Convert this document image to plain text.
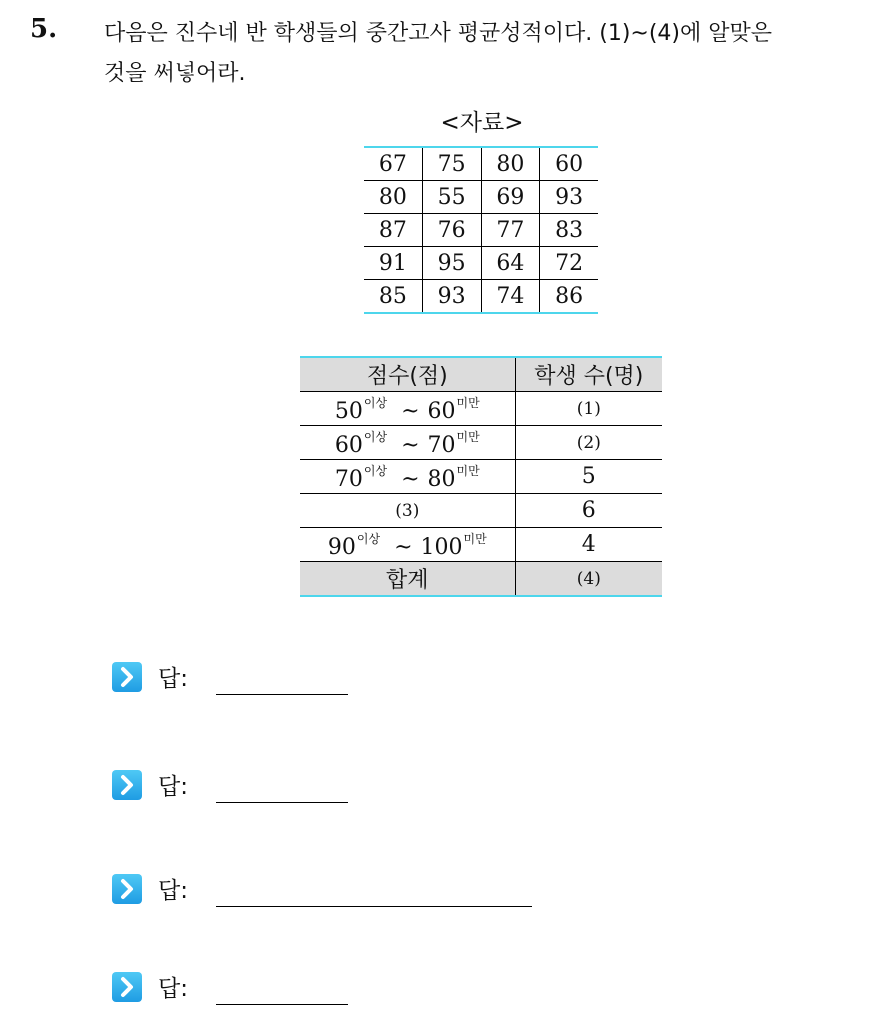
5. 다음은 진수네 반 학생들의 중간고사 평균성적이다. (1)~(4)에 알맞은
것을 써넣어라.
<자료>
67	75	80	60
80	55	69	93
87	76	77	83
91	95	64	72
85	93	74	86
점수(점)	학생 수(명)
$50^{이상}$ ~ $60^{미만}$	(1)
$60^{이상}$ ~ $70^{미만}$	(2)
$70^{이상}$ ~ $80^{미만}$	5
(3)	6
$90^{이상}$ ~ $100^{미만}$	4
합계	(4)
답:
답:
답:
답:
